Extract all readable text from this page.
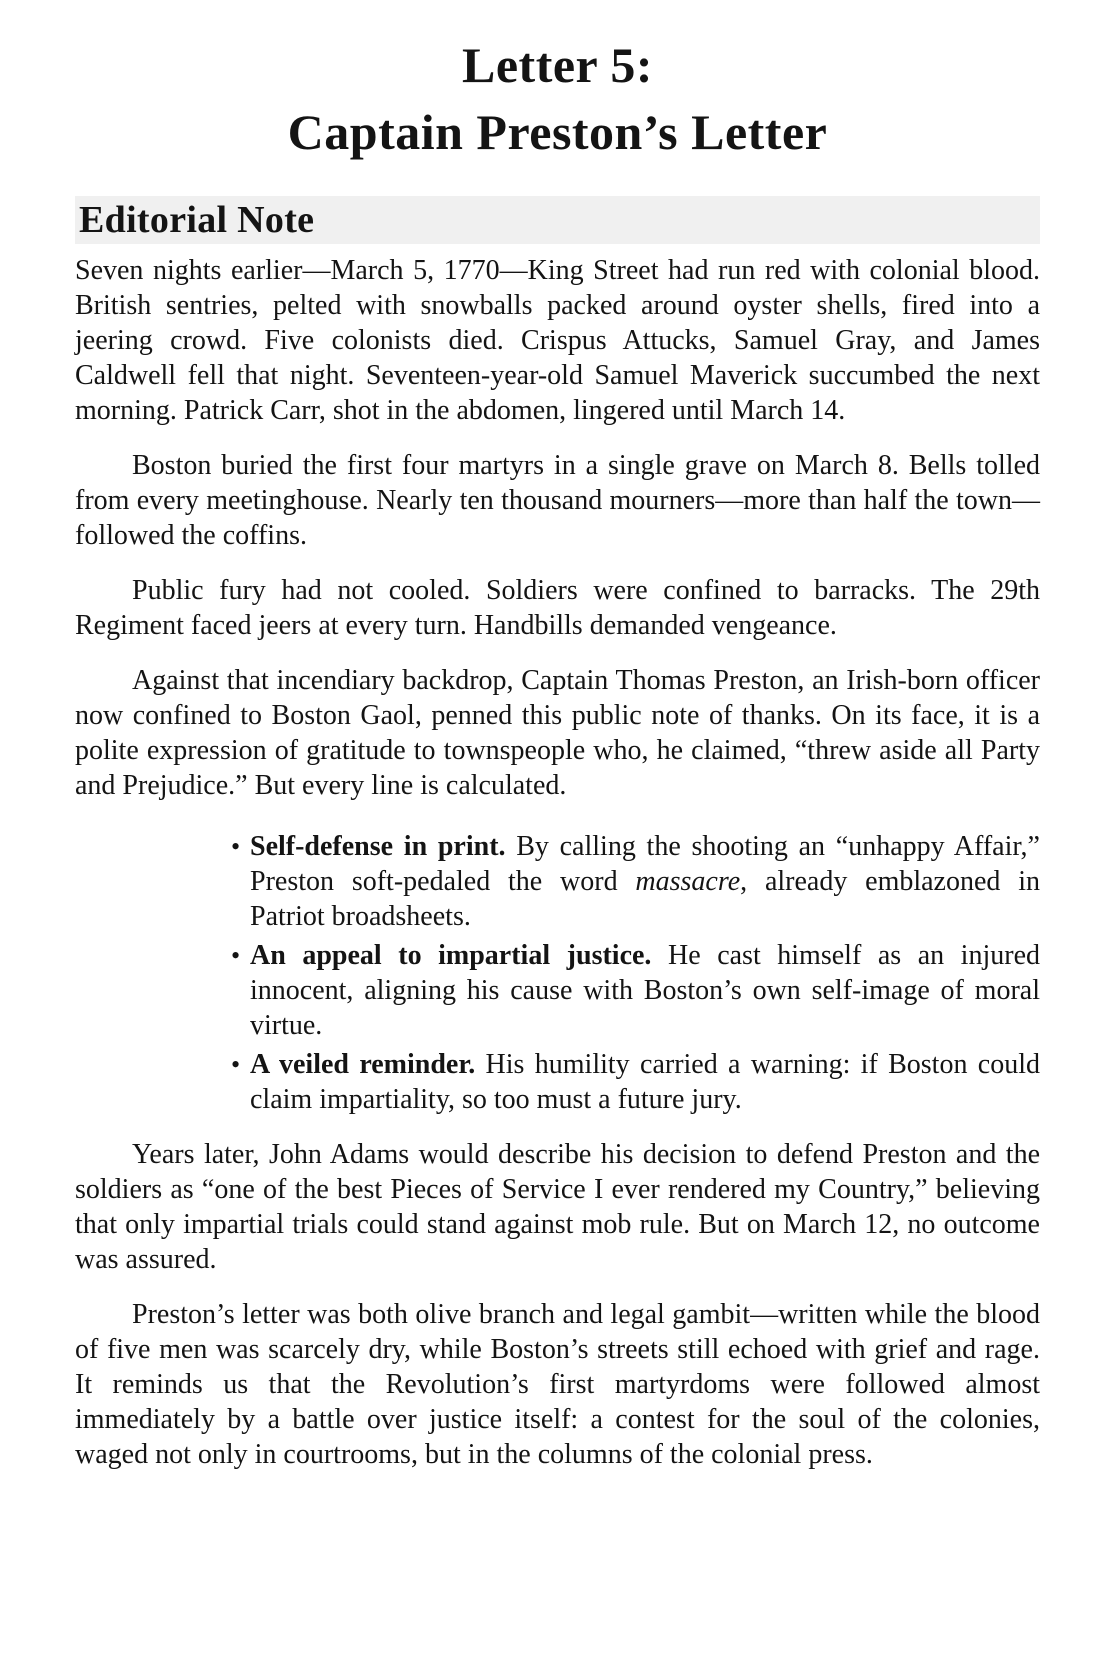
Letter 5:
Captain Preston’s Letter
Editorial Note

Seven nights earlier—March 5, 1770—King Street had run red with colonial blood. British sentries, pelted with snowballs packed around oyster shells, fired into a jeering crowd. Five colonists died. Crispus Attucks, Samuel Gray, and James Caldwell fell that night. Seventeen-year-old Samuel Maverick succumbed the next morning. Patrick Carr, shot in the abdomen, lingered until March 14.

Boston buried the first four martyrs in a single grave on March 8. Bells tolled from every meetinghouse. Nearly ten thousand mourners—more than half the town—followed the coffins.

Public fury had not cooled. Soldiers were confined to barracks. The 29th Regiment faced jeers at every turn. Handbills demanded vengeance.

Against that incendiary backdrop, Captain Thomas Preston, an Irish-born officer now confined to Boston Gaol, penned this public note of thanks. On its face, it is a polite expression of gratitude to townspeople who, he claimed, “threw aside all Party and Prejudice.” But every line is calculated.

• Self-defense in print. By calling the shooting an “unhappy Affair,” Preston soft-pedaled the word massacre, already emblazoned in Patriot broadsheets.
• An appeal to impartial justice. He cast himself as an injured innocent, aligning his cause with Boston’s own self-image of moral virtue.
• A veiled reminder. His humility carried a warning: if Boston could claim impartiality, so too must a future jury.

Years later, John Adams would describe his decision to defend Preston and the soldiers as “one of the best Pieces of Service I ever rendered my Country,” believing that only impartial trials could stand against mob rule. But on March 12, no outcome was assured.

Preston’s letter was both olive branch and legal gambit—written while the blood of five men was scarcely dry, while Boston’s streets still echoed with grief and rage. It reminds us that the Revolution’s first martyrdoms were followed almost immediately by a battle over justice itself: a contest for the soul of the colonies, waged not only in courtrooms, but in the columns of the colonial press.
